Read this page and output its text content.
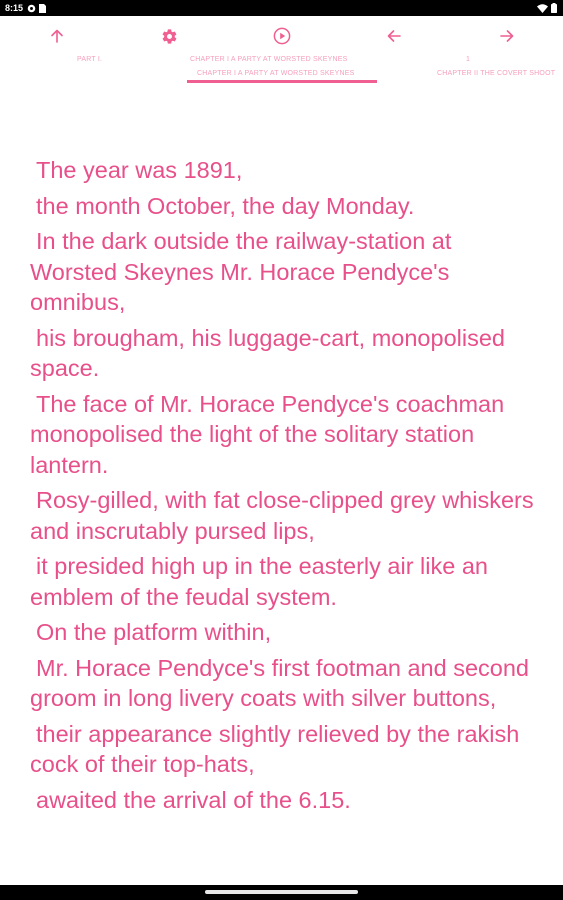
8:15
PART I.	CHAPTER I A PARTY AT WORSTED SKEYNES
CHAPTER I A PARTY AT WORSTED SKEYNES
1
CHAPTER II THE COVERT SHOOT

The year was 1891,

the month October, the day Monday.

In the dark outside the railway-station at Worsted Skeynes Mr. Horace Pendyce's omnibus,

his brougham, his luggage-cart, monopolised space.

The face of Mr. Horace Pendyce's coachman monopolised the light of the solitary station lantern.

Rosy-gilled, with fat close-clipped grey whiskers and inscrutably pursed lips,

it presided high up in the easterly air like an emblem of the feudal system.

On the platform within,

Mr. Horace Pendyce's first footman and second groom in long livery coats with silver buttons,

their appearance slightly relieved by the rakish cock of their top-hats,

awaited the arrival of the 6.15.
